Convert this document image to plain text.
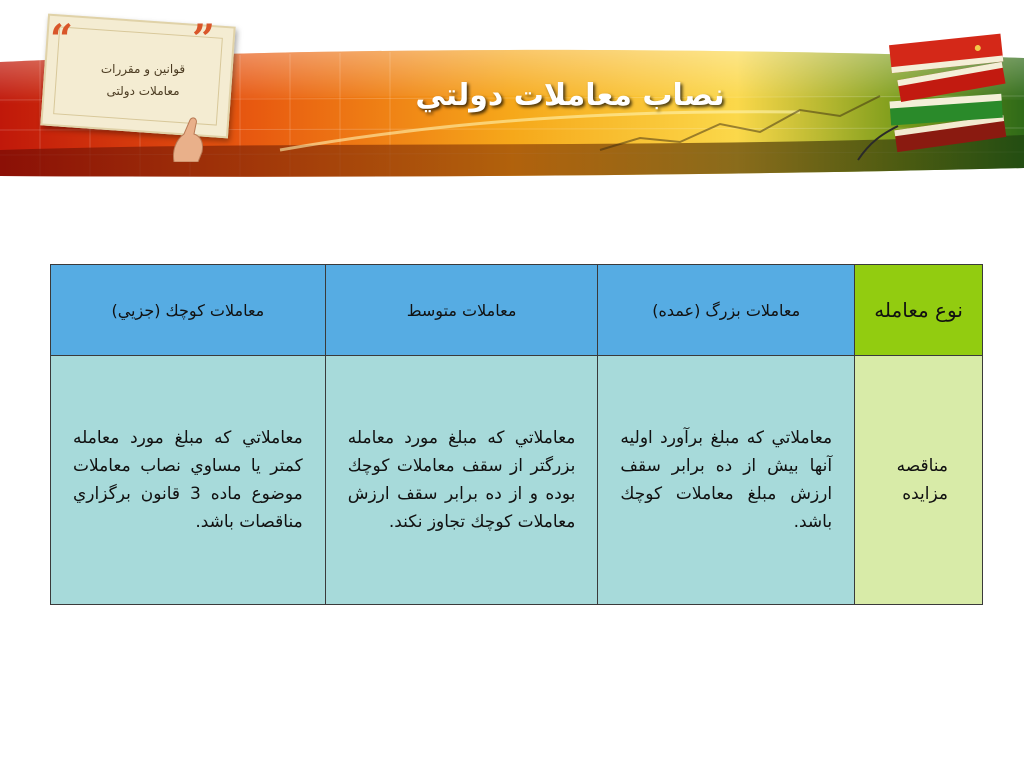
“	”
قوانين و مقررات
معاملات دولتی	نصاب معاملات دولتي
نوع معامله	معاملات بزرگ (عمده)	معاملات متوسط	معاملات كوچك (جزيي)
مناقصه مزايده	معاملاتي كه مبلغ برآورد اوليه آنها بيش از ده برابر سقف ارزش مبلغ معاملات كوچك باشد.	معاملاتي كه مبلغ مورد معامله بزرگتر از سقف معاملات كوچك بوده و از ده برابر سقف ارزش معاملات كوچك تجاوز نكند.	معاملاتي كه مبلغ مورد معامله كمتر يا مساوي نصاب معاملات موضوع ماده 3 قانون برگزاري مناقصات باشد.
